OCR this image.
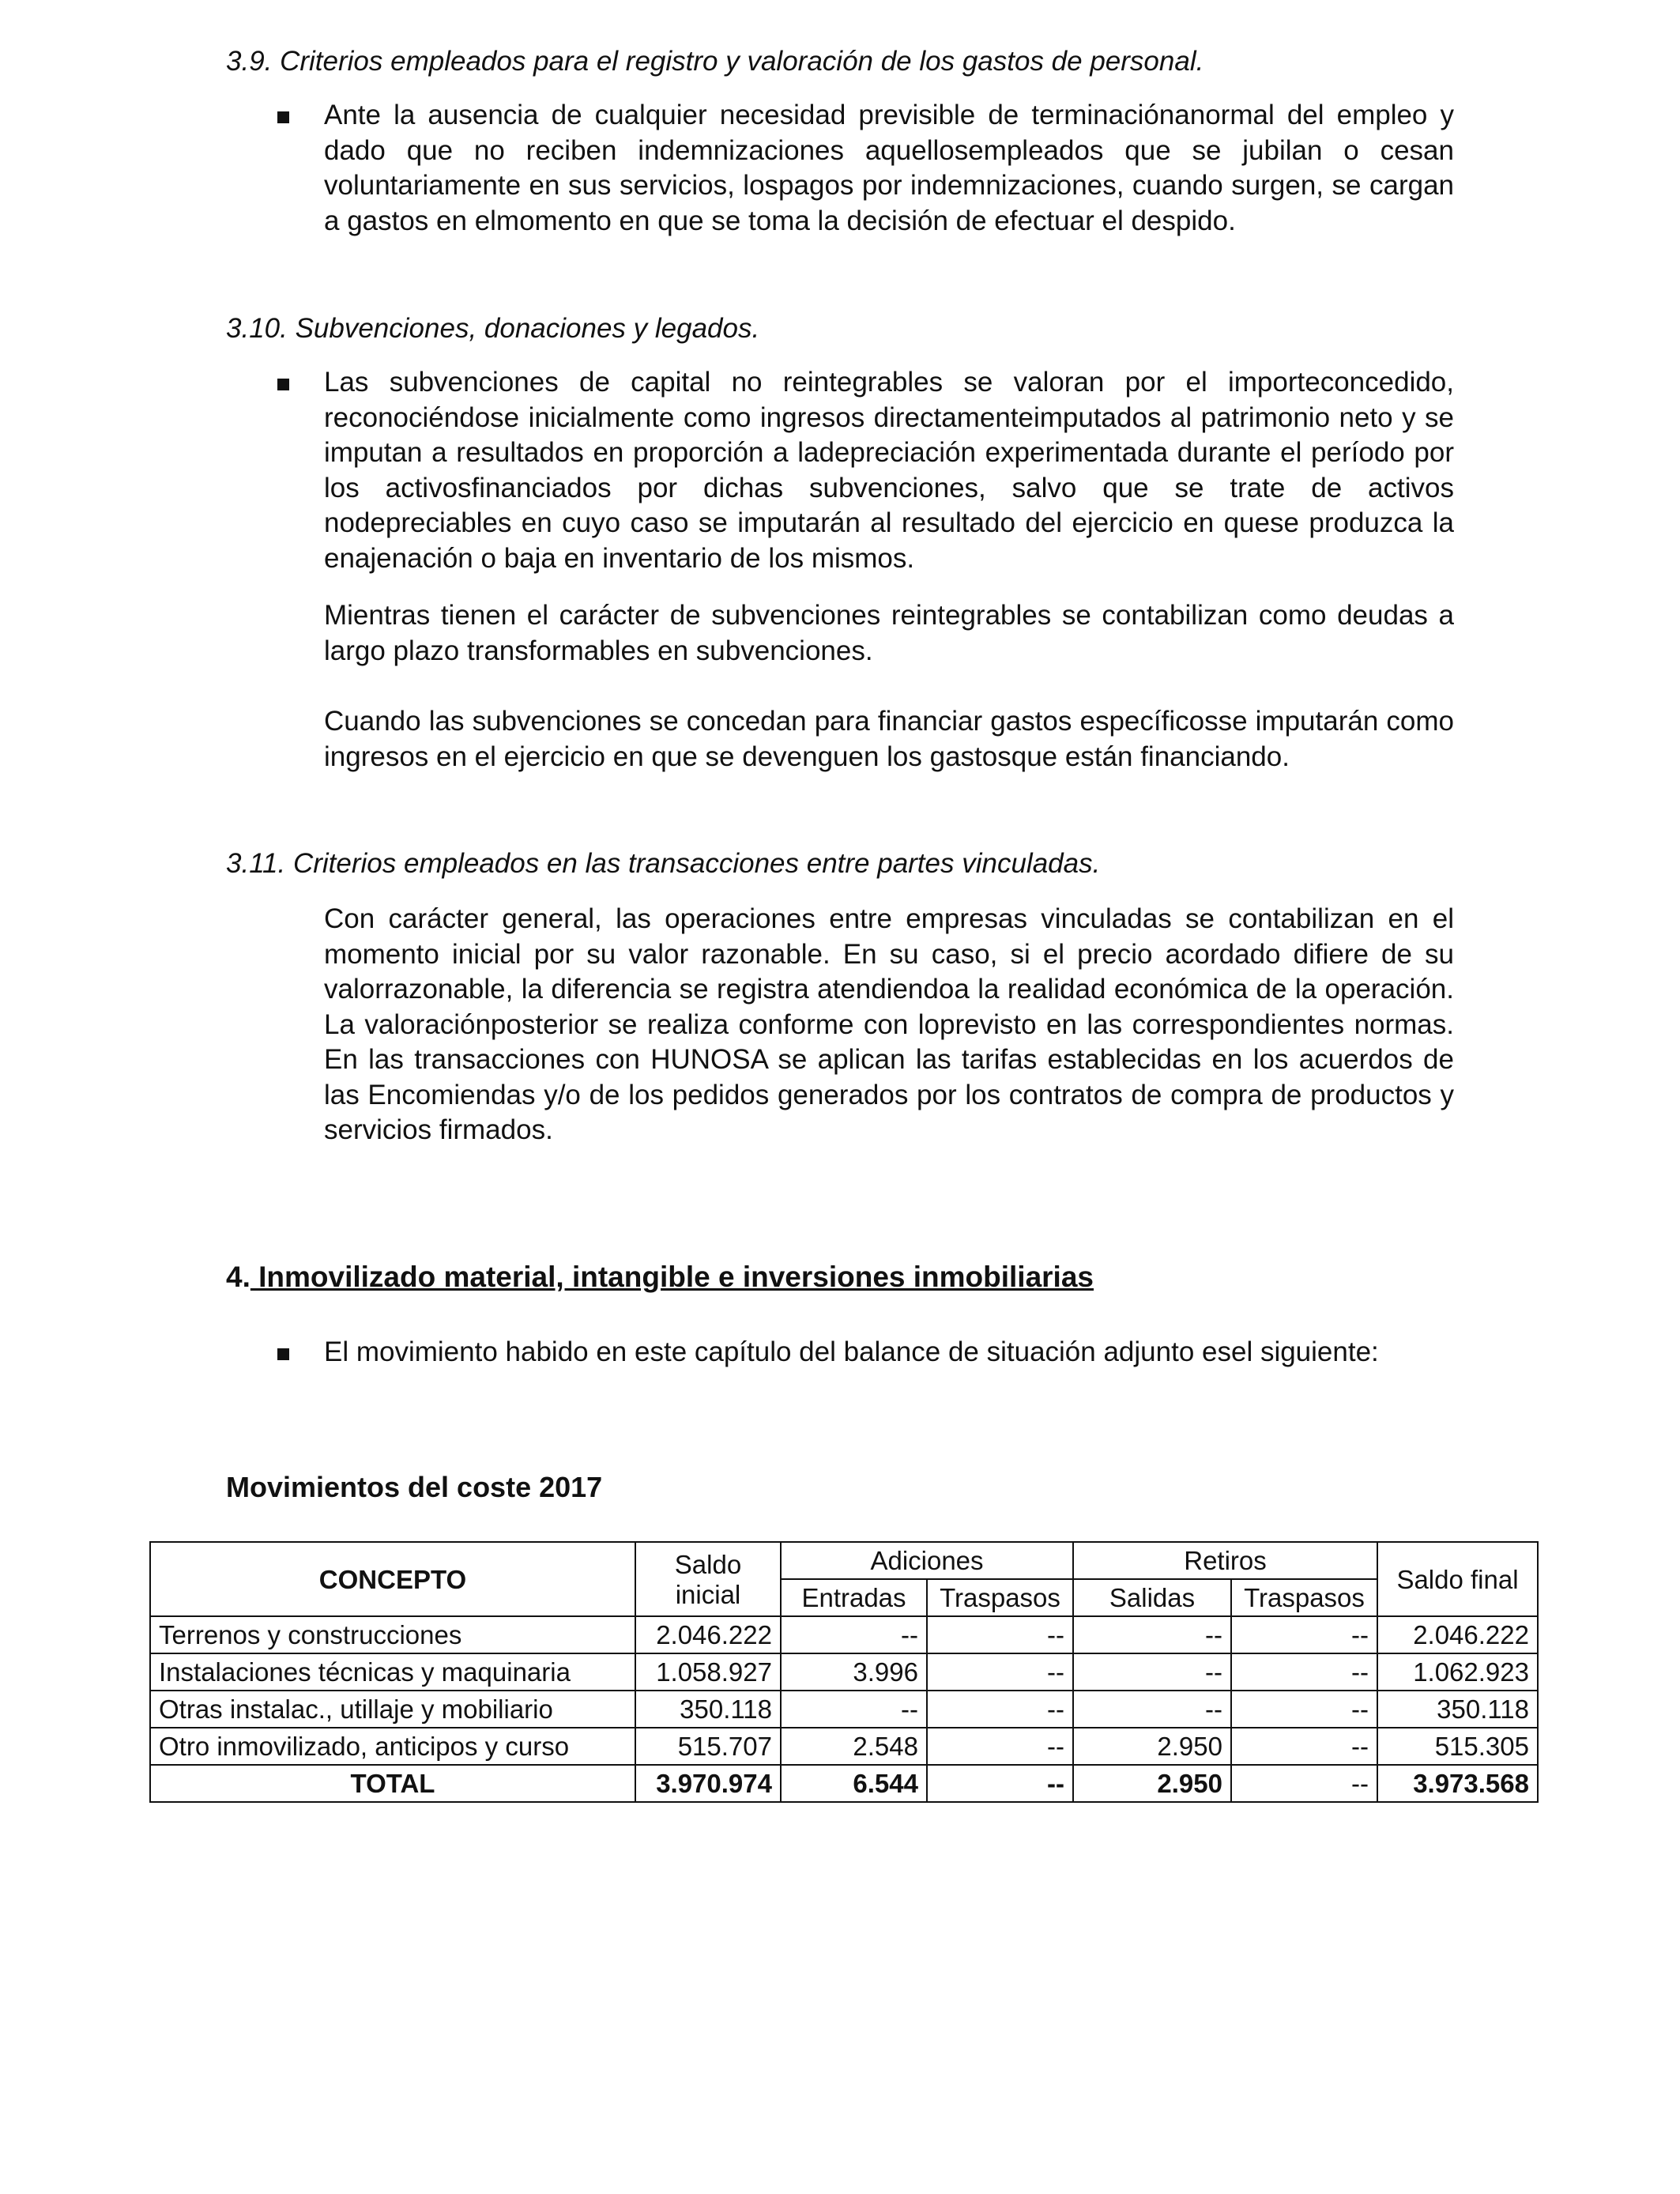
3.9. Criterios empleados para el registro y valoración de los gastos de personal.
Ante la ausencia de cualquier necesidad previsible de terminaciónanormal del empleo y dado que no reciben indemnizaciones aquellosempleados que se jubilan o cesan voluntariamente en sus servicios, lospagos por indemnizaciones, cuando surgen, se cargan a gastos en elmomento en que se toma la decisión de efectuar el despido.
3.10. Subvenciones, donaciones y legados.
Las subvenciones de capital no reintegrables se valoran por el importeconcedido, reconociéndose inicialmente como ingresos directamenteimputados al patrimonio neto y se imputan a resultados en proporción a ladepreciación experimentada durante el período por los activosfinanciados por dichas subvenciones, salvo que se trate de activos nodepreciables en cuyo caso se imputarán al resultado del ejercicio en quese produzca la enajenación o baja en inventario de los mismos.
Mientras tienen el carácter de subvenciones reintegrables se contabilizan como deudas a largo plazo transformables en subvenciones.
Cuando las subvenciones se concedan para financiar gastos específicosse imputarán como ingresos en el ejercicio en que se devenguen los gastosque están financiando.
3.11. Criterios empleados en las transacciones entre partes vinculadas.
Con carácter general, las operaciones entre empresas vinculadas se contabilizan en el momento inicial por su valor razonable. En su caso, si el precio acordado difiere de su valorrazonable, la diferencia se registra atendiendoa la realidad económica de la operación. La valoraciónposterior se realiza conforme con loprevisto en las correspondientes normas. En las transacciones con HUNOSA se aplican las tarifas establecidas en los acuerdos de las Encomiendas y/o de los pedidos generados por los contratos de compra de productos y servicios firmados.
4. Inmovilizado material, intangible e inversiones inmobiliarias
El movimiento habido en este capítulo del balance de situación adjunto esel siguiente:
Movimientos del coste 2017
CONCEPTO	Saldo inicial	Adiciones		Retiros		Saldo final
		Entradas	Traspasos	Salidas	Traspasos	
Terrenos y construcciones	2.046.222	--	--	--	--	2.046.222
Instalaciones técnicas y maquinaria	1.058.927	3.996	--	--	--	1.062.923
Otras instalac., utillaje y mobiliario	350.118	--	--	--	--	350.118
Otro inmovilizado, anticipos y curso	515.707	2.548	--	2.950	--	515.305
TOTAL	3.970.974	6.544	--	2.950	--	3.973.568
